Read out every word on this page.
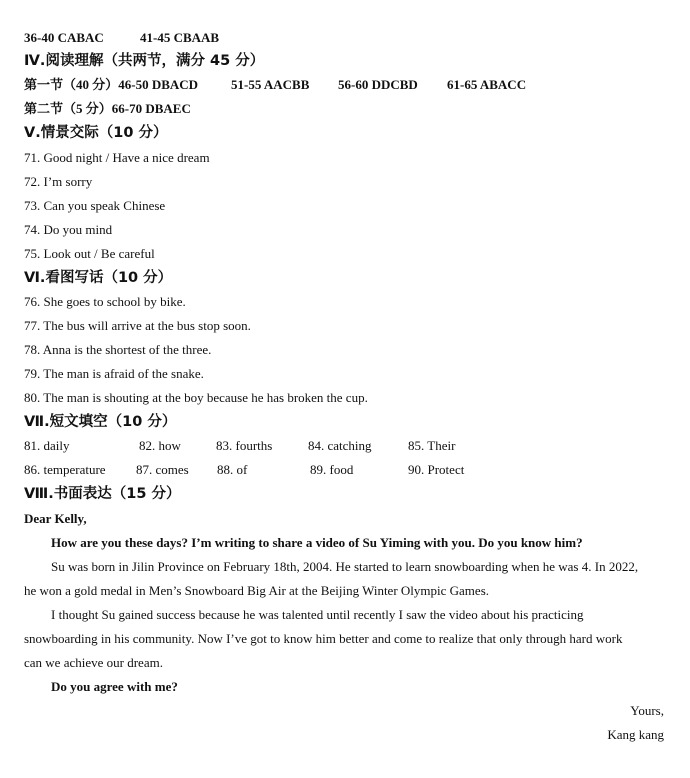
36-40 CABAC	41-45 CBAAB
Ⅳ.阅读理解（共两节，满分 45 分）
第一节（40 分）46-50 DBACD	51-55 AACBB 56-60 DDCBD 61-65 ABACC
第二节（5 分）66-70 DBAEC
Ⅴ.情景交际（10 分）
71. Good night / Have a nice dream
72. I’m sorry
73. Can you speak Chinese
74. Do you mind
75. Look out / Be careful
Ⅵ.看图写话（10 分）
76. She goes to school by bike.
77. The bus will arrive at the bus stop soon.
78. Anna is the shortest of the three.
79. The man is afraid of the snake.
80. The man is shouting at the boy because he has broken the cup.
Ⅶ.短文填空（10 分）
81. daily	82. how	83. fourths	84. catching	85. Their
86. temperature 87. comes 88. of	89. food	90. Protect
Ⅷ.书面表达（15 分）
Dear Kelly,
How are you these days? I’m writing to share a video of Su Yiming with you. Do you know him?
Su was born in Jilin Province on February 18th, 2004. He started to learn snowboarding when he was 4. In 2022,
he won a gold medal in Men’s Snowboard Big Air at the Beijing Winter Olympic Games.
I thought Su gained success because he was talented until recently I saw the video about his practicing
snowboarding in his community. Now I’ve got to know him better and come to realize that only through hard work
can we achieve our dream.
Do you agree with me?
Yours,
Kang kang
